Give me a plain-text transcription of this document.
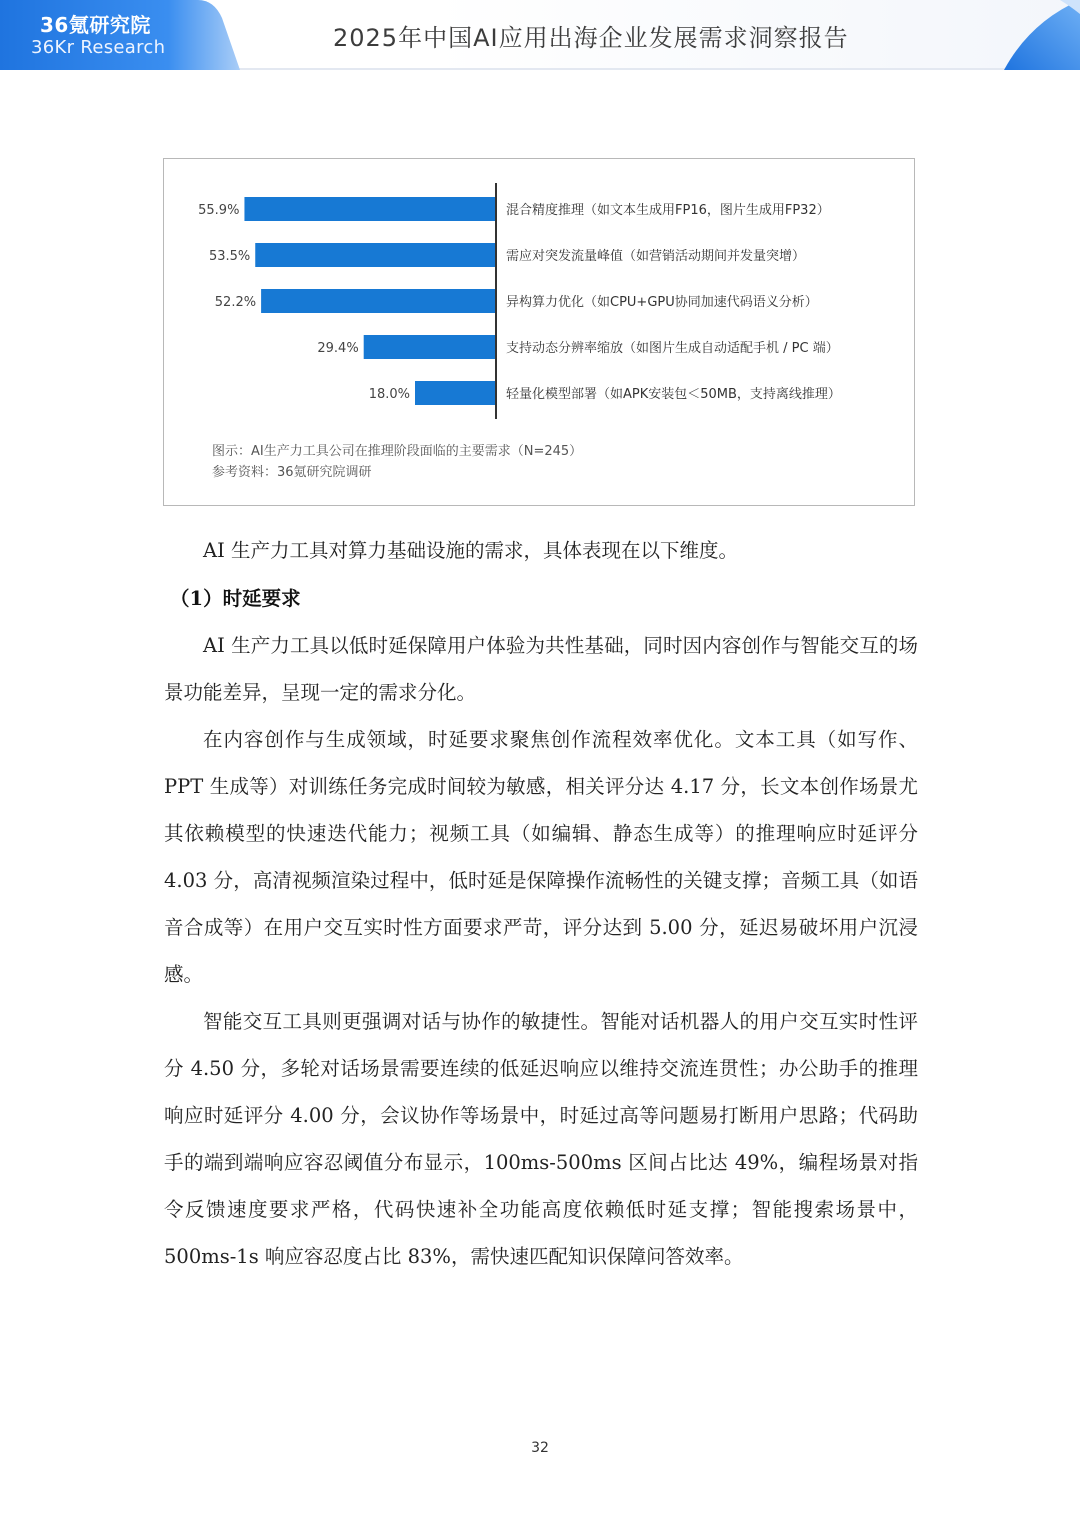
36氪研究院
36Kr Research	2025年中国AI应用出海企业发展需求洞察报告
55.9%	混合精度推理（如文本生成用FP16，图片生成用FP32）
53.5%	需应对突发流量峰值（如营销活动期间并发量突增）
52.2%	异构算力优化（如CPU+GPU协同加速代码语义分析）
29.4%	支持动态分辨率缩放（如图片生成自动适配手机 / PC 端）
18.0%	轻量化模型部署（如APK安装包＜50MB，支持离线推理）
图示：AI生产力工具公司在推理阶段面临的主要需求（N=245）
参考资料：36氪研究院调研

AI 生产力工具对算力基础设施的需求，具体表现在以下维度。

（1）时延要求

AI 生产力工具以低时延保障用户体验为共性基础，同时因内容创作与智能交互的场景功能差异，呈现一定的需求分化。

在内容创作与生成领域，时延要求聚焦创作流程效率优化。文本工具（如写作、PPT 生成等）对训练任务完成时间较为敏感，相关评分达 4.17 分，长文本创作场景尤其依赖模型的快速迭代能力；视频工具（如编辑、静态生成等）的推理响应时延评分 4.03 分，高清视频渲染过程中，低时延是保障操作流畅性的关键支撑；音频工具（如语音合成等）在用户交互实时性方面要求严苛，评分达到 5.00 分，延迟易破坏用户沉浸感。

智能交互工具则更强调对话与协作的敏捷性。智能对话机器人的用户交互实时性评分 4.50 分，多轮对话场景需要连续的低延迟响应以维持交流连贯性；办公助手的推理响应时延评分 4.00 分，会议协作等场景中，时延过高等问题易打断用户思路；代码助手的端到端响应容忍阈值分布显示，100ms-500ms 区间占比达 49%，编程场景对指令反馈速度要求严格，代码快速补全功能高度依赖低时延支撑；智能搜索场景中，500ms-1s 响应容忍度占比 83%，需快速匹配知识保障问答效率。

32
